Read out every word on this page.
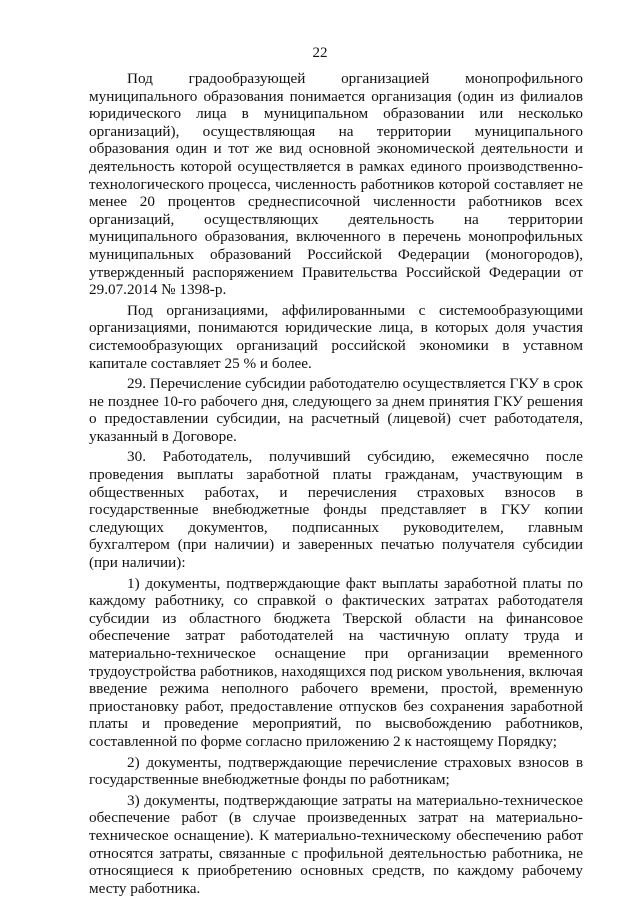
22

Под градообразующей организацией монопрофильного муниципального образования понимается организация (один из филиалов юридического лица в муниципальном образовании или несколько организаций), осуществляющая на территории муниципального образования один и тот же вид основной экономической деятельности и деятельность которой осуществляется в рамках единого производственно-технологического процесса, численность работников которой составляет не менее 20 процентов среднесписочной численности работников всех организаций, осуществляющих деятельность на территории муниципального образования, включенного в перечень монопрофильных муниципальных образований Российской Федерации (моногородов), утвержденный распоряжением Правительства Российской Федерации от 29.07.2014 № 1398-р.

Под организациями, аффилированными с системообразующими организациями, понимаются юридические лица, в которых доля участия системообразующих организаций российской экономики в уставном капитале составляет 25 % и более.

29. Перечисление субсидии работодателю осуществляется ГКУ в срок не позднее 10-го рабочего дня, следующего за днем принятия ГКУ решения о предоставлении субсидии, на расчетный (лицевой) счет работодателя, указанный в Договоре.

30. Работодатель, получивший субсидию, ежемесячно после проведения выплаты заработной платы гражданам, участвующим в общественных работах, и перечисления страховых взносов в государственные внебюджетные фонды представляет в ГКУ копии следующих документов, подписанных руководителем, главным бухгалтером (при наличии) и заверенных печатью получателя субсидии (при наличии):

1) документы, подтверждающие факт выплаты заработной платы по каждому работнику, со справкой о фактических затратах работодателя субсидии из областного бюджета Тверской области на финансовое обеспечение затрат работодателей на частичную оплату труда и материально-техническое оснащение при организации временного трудоустройства работников, находящихся под риском увольнения, включая введение режима неполного рабочего времени, простой, временную приостановку работ, предоставление отпусков без сохранения заработной платы и проведение мероприятий, по высвобождению работников, составленной по форме согласно приложению 2 к настоящему Порядку;

2) документы, подтверждающие перечисление страховых взносов в государственные внебюджетные фонды по работникам;

3) документы, подтверждающие затраты на материально-техническое обеспечение работ (в случае произведенных затрат на материально-техническое оснащение). К материально-техническому обеспечению работ относятся затраты, связанные с профильной деятельностью работника, не относящиеся к приобретению основных средств, по каждому рабочему месту работника.
